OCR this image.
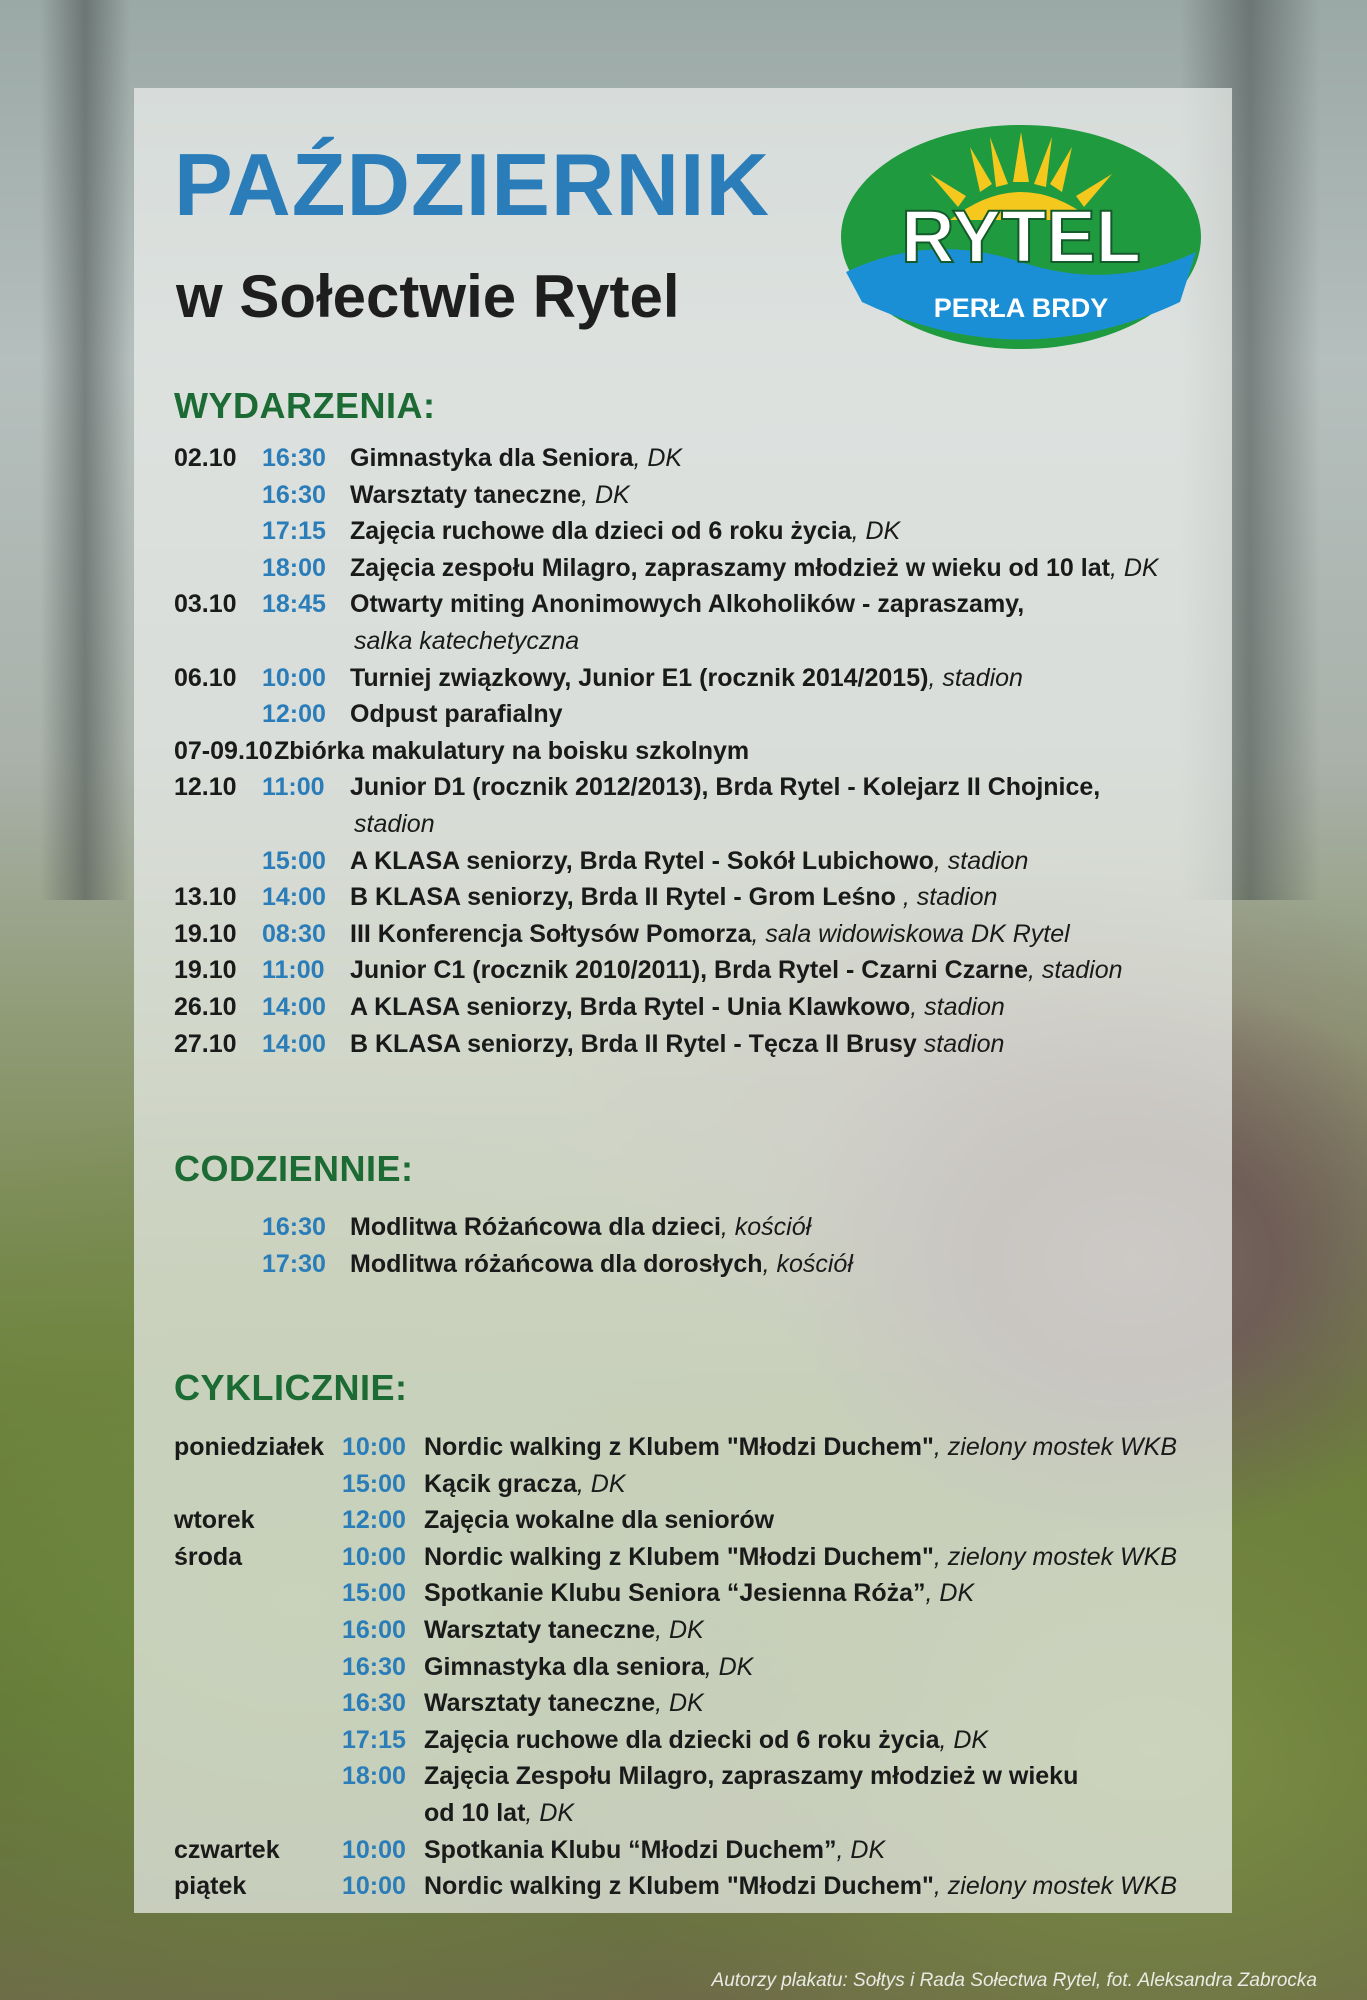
PAŹDZIERNIK
w Sołectwie Rytel
RYTEL
PERŁA BRDY
WYDARZENIA:
02.10 16:30 Gimnastyka dla Seniora, DK
16:30 Warsztaty taneczne, DK
17:15 Zajęcia ruchowe dla dzieci od 6 roku życia, DK
18:00 Zajęcia zespołu Milagro, zapraszamy młodzież w wieku od 10 lat, DK
03.10 18:45 Otwarty miting Anonimowych Alkoholików - zapraszamy,
salka katechetyczna
06.10 10:00 Turniej związkowy, Junior E1 (rocznik 2014/2015), stadion
12:00 Odpust parafialny
07-09.10 Zbiórka makulatury na boisku szkolnym
12.10 11:00 Junior D1 (rocznik 2012/2013), Brda Rytel - Kolejarz II Chojnice,
stadion
15:00 A KLASA seniorzy, Brda Rytel - Sokół Lubichowo, stadion
13.10 14:00 B KLASA seniorzy, Brda II Rytel - Grom Leśno , stadion
19.10 08:30 III Konferencja Sołtysów Pomorza, sala widowiskowa DK Rytel
19.10 11:00 Junior C1 (rocznik 2010/2011), Brda Rytel - Czarni Czarne, stadion
26.10 14:00 A KLASA seniorzy, Brda Rytel - Unia Klawkowo, stadion
27.10 14:00 B KLASA seniorzy, Brda II Rytel - Tęcza II Brusy stadion
CODZIENNIE:
16:30 Modlitwa Różańcowa dla dzieci, kościół
17:30 Modlitwa różańcowa dla dorosłych, kościół
CYKLICZNIE:
poniedziałek 10:00 Nordic walking z Klubem "Młodzi Duchem", zielony mostek WKB
15:00 Kącik gracza, DK
wtorek	12:00 Zajęcia wokalne dla seniorów
środa	10:00 Nordic walking z Klubem "Młodzi Duchem", zielony mostek WKB
15:00 Spotkanie Klubu Seniora “Jesienna Róża”, DK
16:00 Warsztaty taneczne, DK
16:30 Gimnastyka dla seniora, DK
16:30 Warsztaty taneczne, DK
17:15 Zajęcia ruchowe dla dziecki od 6 roku życia, DK
18:00 Zajęcia Zespołu Milagro, zapraszamy młodzież w wieku
od 10 lat, DK
czwartek 10:00 Spotkania Klubu “Młodzi Duchem”, DK
piątek	10:00 Nordic walking z Klubem "Młodzi Duchem", zielony mostek WKB
Autorzy plakatu: Sołtys i Rada Sołectwa Rytel, fot. Aleksandra Zabrocka
